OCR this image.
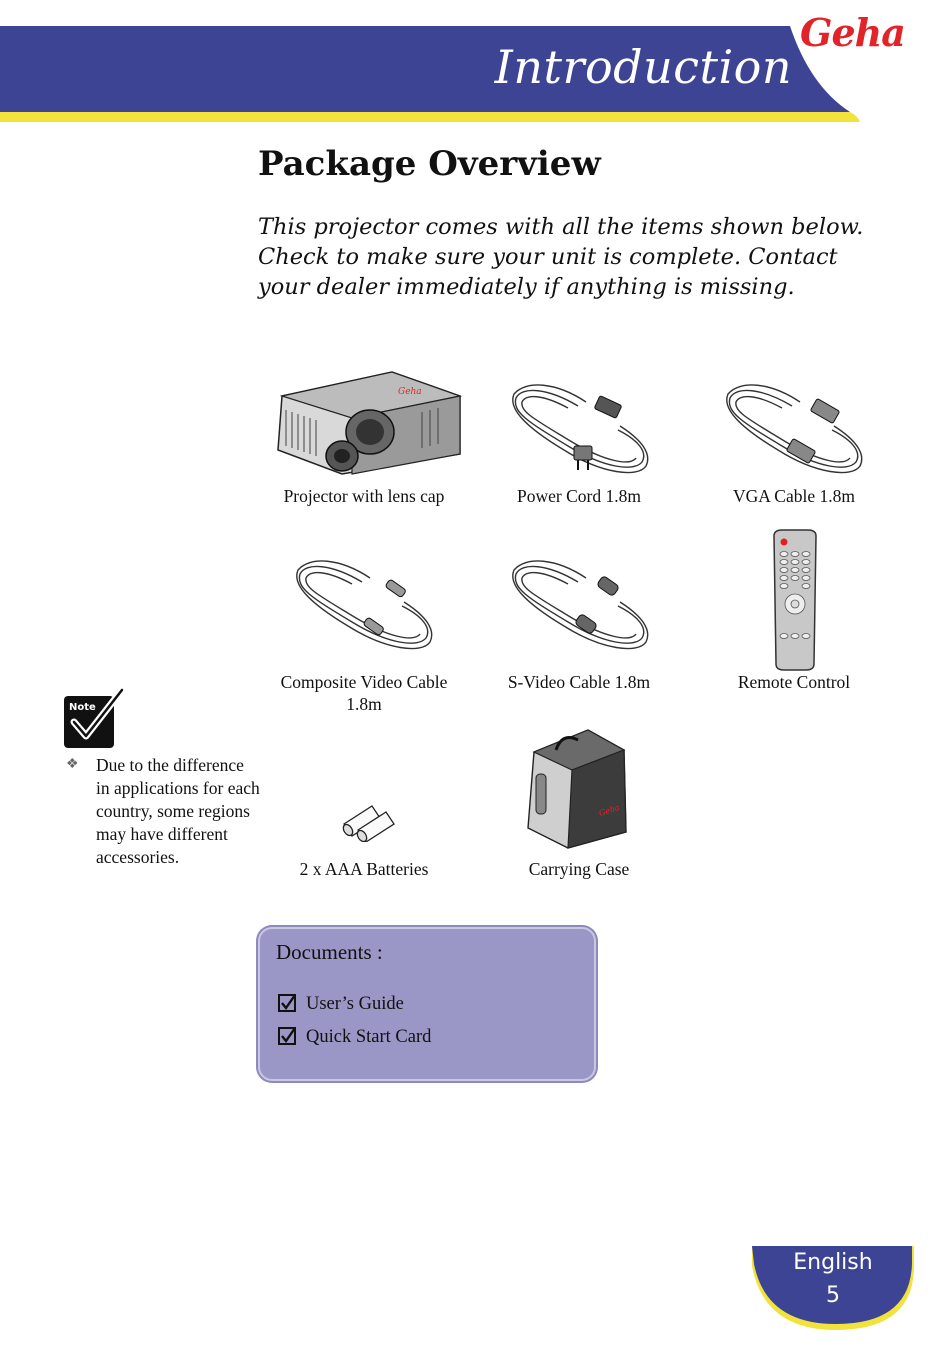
Introduction
Geha
Package Overview
This projector comes with all the items shown below. Check to make sure your unit is complete. Contact your dealer immediately if anything is missing.
Geha
Geha
Projector with lens cap	Power Cord 1.8m	VGA Cable 1.8m
Composite Video Cable 1.8m
S-Video Cable 1.8m	Remote Control
2 x AAA Batteries	Carrying Case
Note
❖ Due to the difference in applications for each country, some regions may have different accessories.
Documents :
User’s Guide
Quick Start Card
English
5
